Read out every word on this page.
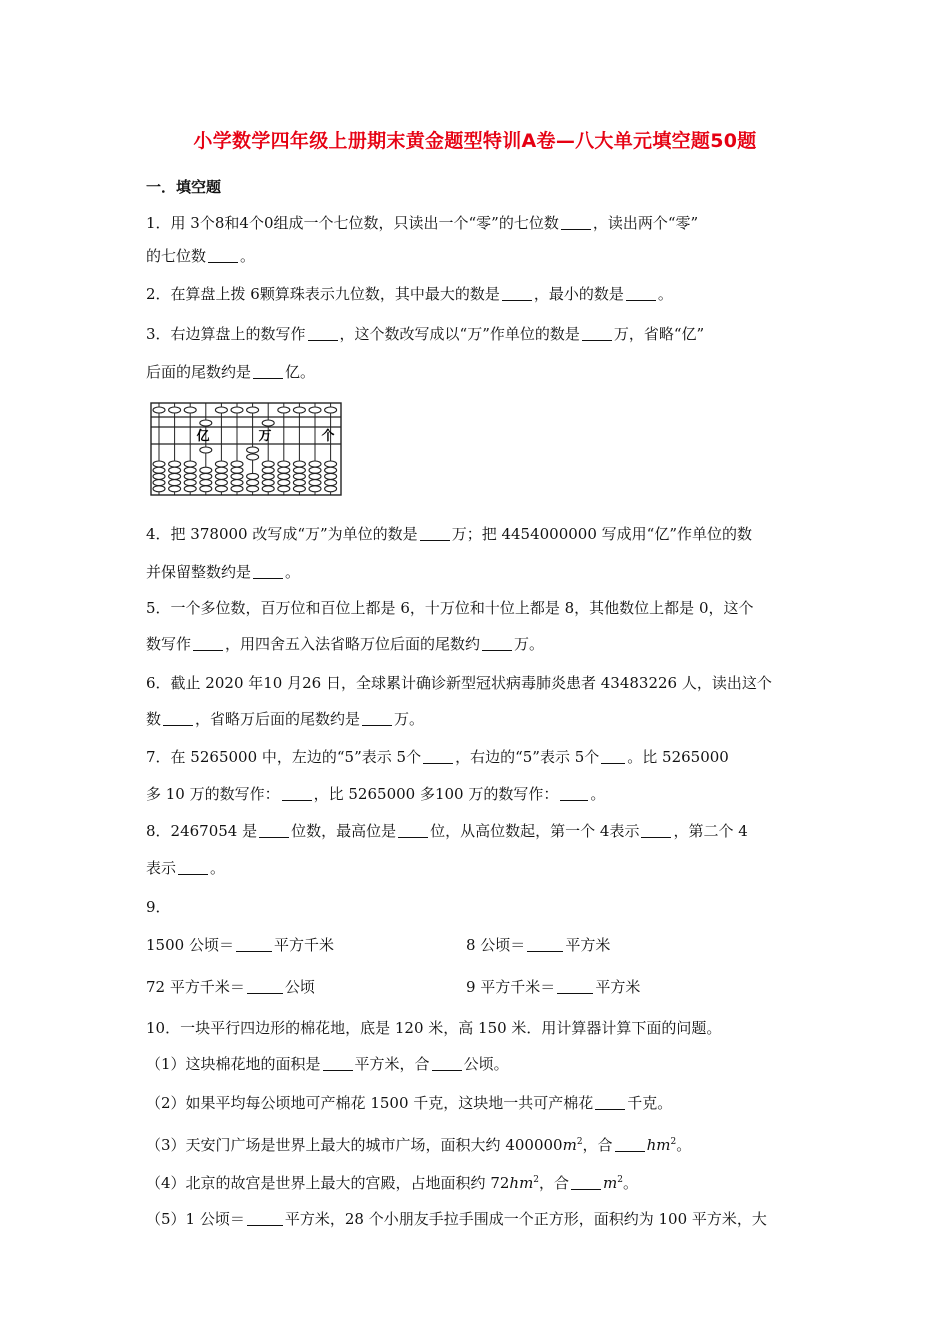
小学数学四年级上册期末黄金题型特训A卷—八大单元填空题50题
一．填空题
1．用 3个8和4个0组成一个七位数，只读出一个“零”的七位数 ，读出两个“零”
的七位数 。
2．在算盘上拨 6颗算珠表示九位数，其中最大的数是 ，最小的数是 。
3．右边算盘上的数写作 ，这个数改写成以“万”作单位的数是 万，省略“亿”
后面的尾数约是 亿。
亿	万	个
4．把 378000 改写成“万”为单位的数是 万；把 4454000000 写成用“亿”作单位的数
并保留整数约是 。
5．一个多位数，百万位和百位上都是 6，十万位和十位上都是 8，其他数位上都是 0，这个
数写作 ，用四舍五入法省略万位后面的尾数约 万。
6．截止 2020 年10 月26 日，全球累计确诊新型冠状病毒肺炎患者 43483226 人，读出这个
数 ，省略万后面的尾数约是 万。
7．在 5265000 中，左边的“5”表示 5个 ，右边的“5”表示 5个 。比 5265000
多 10 万的数写作： ，比 5265000 多100 万的数写作： 。
8．2467054 是 位数，最高位是 位，从高位数起，第一个 4表示 ，第二个 4
表示 。
9．
1500 公顷＝	平方千米	8 公顷＝	平方米
72 平方千米＝	公顷	9 平方千米＝	平方米
10．一块平行四边形的棉花地，底是 120 米，高 150 米．用计算器计算下面的问题。
（1）这块棉花地的面积是 平方米，合 公顷。
（2）如果平均每公顷地可产棉花 1500 千克，这块地一共可产棉花 千克。
（3）天安门广场是世界上最大的城市广场，面积大约 $400000m^2$，合 $hm^2$。
（4）北京的故宫是世界上最大的宫殿，占地面积约 $72hm^2$，合 $m^2$。
（5）1 公顷＝	平方米，28 个小朋友手拉手围成一个正方形，面积约为 100 平方米，大
